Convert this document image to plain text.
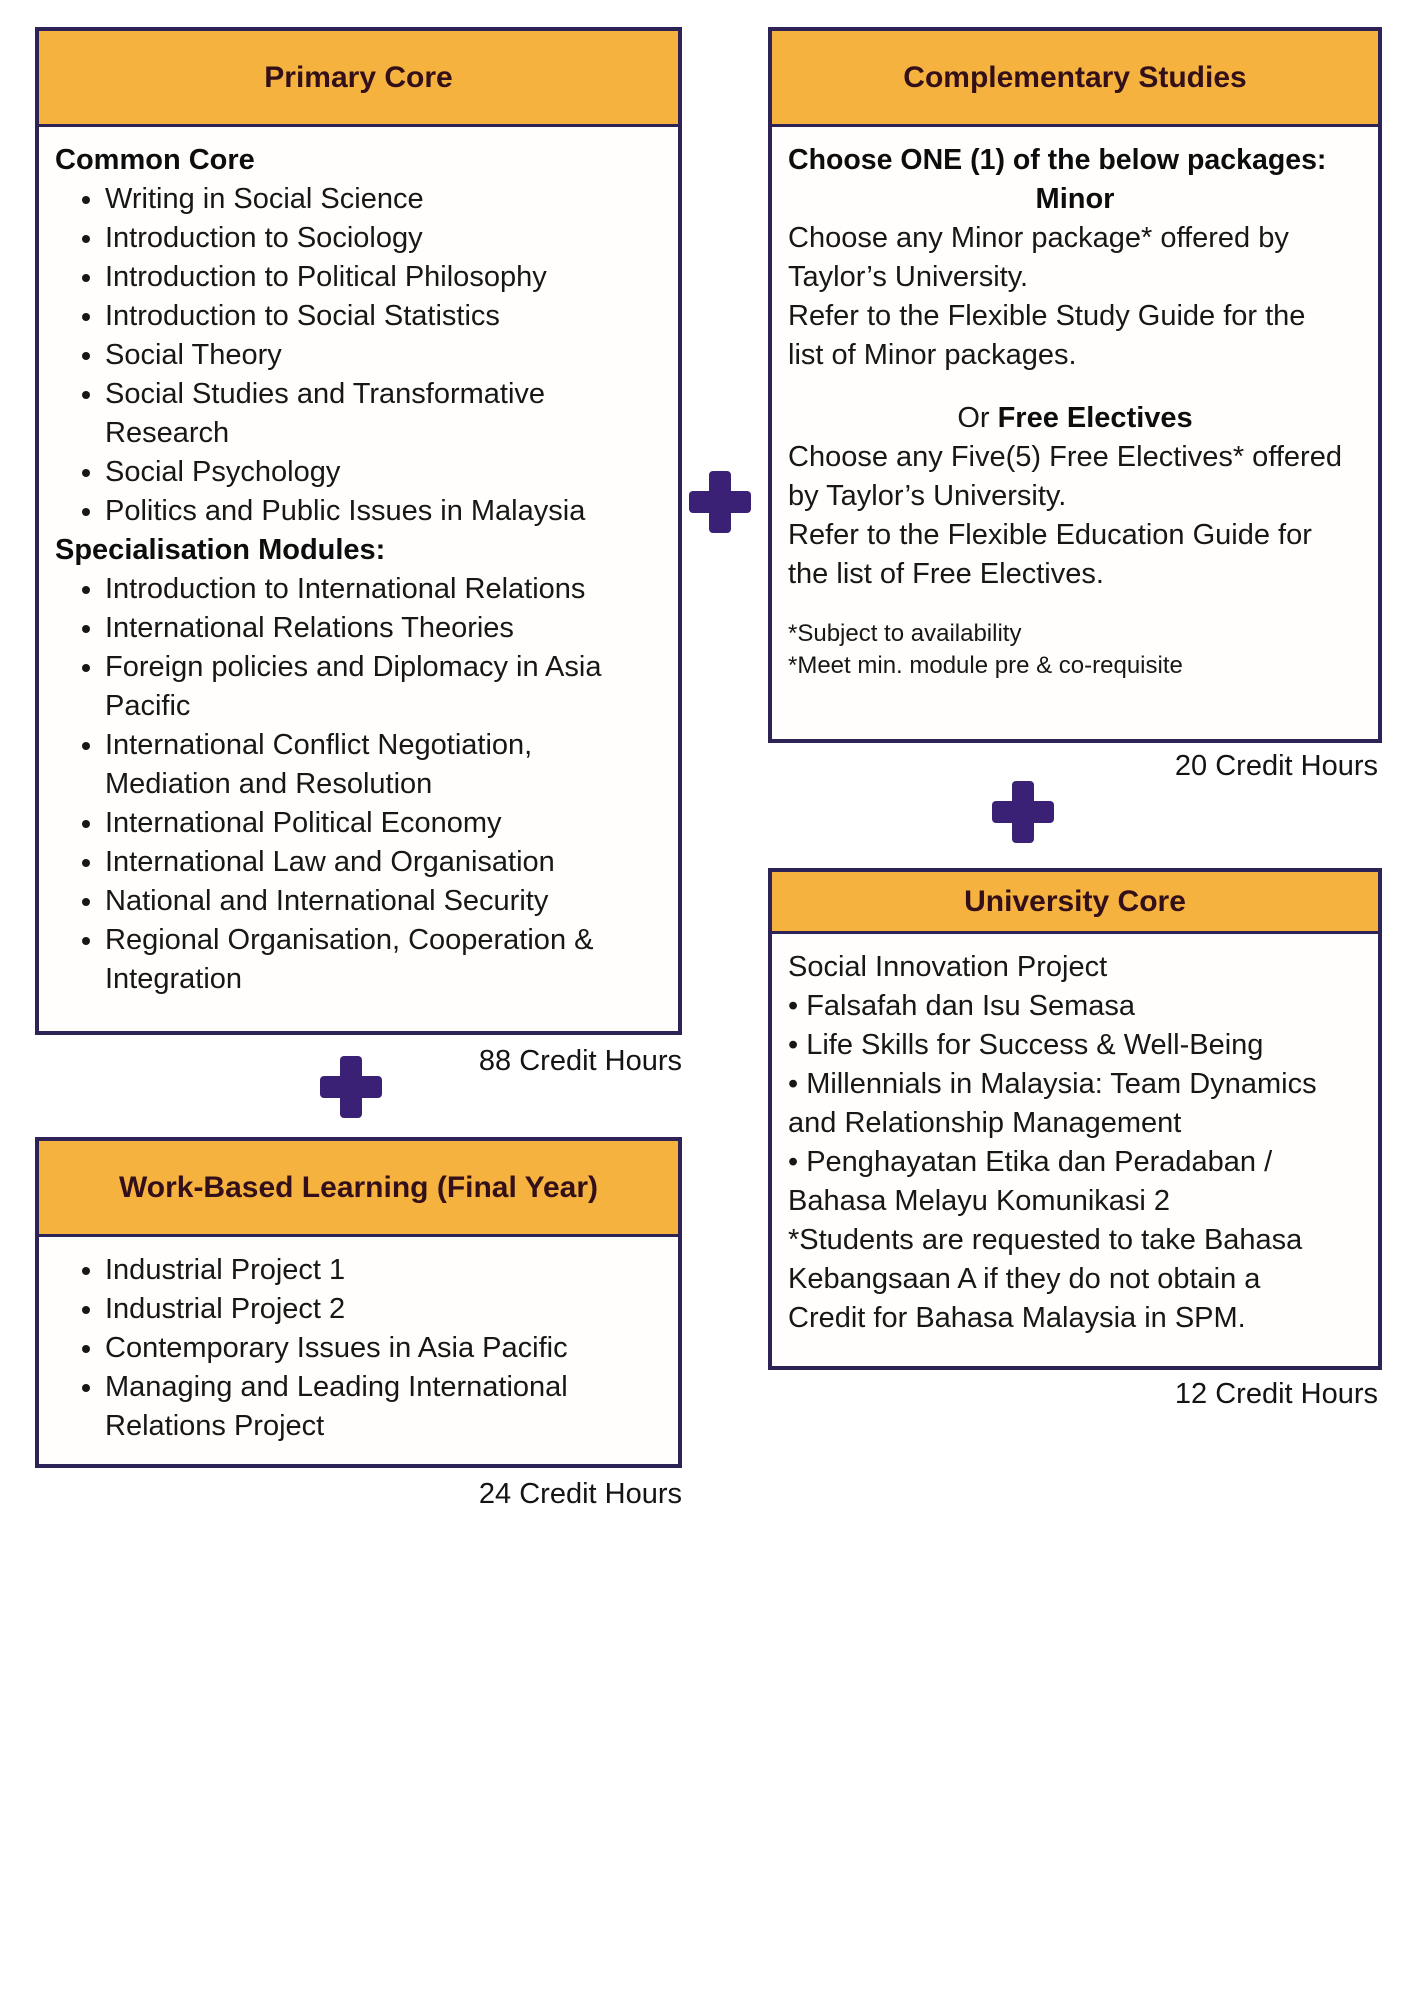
Primary Core
Common Core
• Writing in Social Science
• Introduction to Sociology
• Introduction to Political Philosophy
• Introduction to Social Statistics
• Social Theory
• Social Studies and Transformative Research
• Social Psychology
• Politics and Public Issues in Malaysia
Specialisation Modules:
• Introduction to International Relations
• International Relations Theories
• Foreign policies and Diplomacy in Asia Pacific
• International Conflict Negotiation, Mediation and Resolution
• International Political Economy
• International Law and Organisation
• National and International Security
• Regional Organisation, Cooperation & Integration
88 Credit Hours
Work-Based Learning (Final Year)
• Industrial Project 1
• Industrial Project 2
• Contemporary Issues in Asia Pacific
• Managing and Leading International Relations Project
24 Credit Hours
Complementary Studies
Choose ONE (1) of the below packages:
Minor
Choose any Minor package* offered by
Taylor’s University.
Refer to the Flexible Study Guide for the
list of Minor packages.
Or Free Electives
Choose any Five(5) Free Electives* offered
by Taylor’s University.
Refer to the Flexible Education Guide for
the list of Free Electives.
*Subject to availability
*Meet min. module pre & co-requisite
20 Credit Hours
University Core
Social Innovation Project
• Falsafah dan Isu Semasa
• Life Skills for Success & Well-Being
• Millennials in Malaysia: Team Dynamics
and Relationship Management
• Penghayatan Etika dan Peradaban /
Bahasa Melayu Komunikasi 2
*Students are requested to take Bahasa
Kebangsaan A if they do not obtain a
Credit for Bahasa Malaysia in SPM.
12 Credit Hours
